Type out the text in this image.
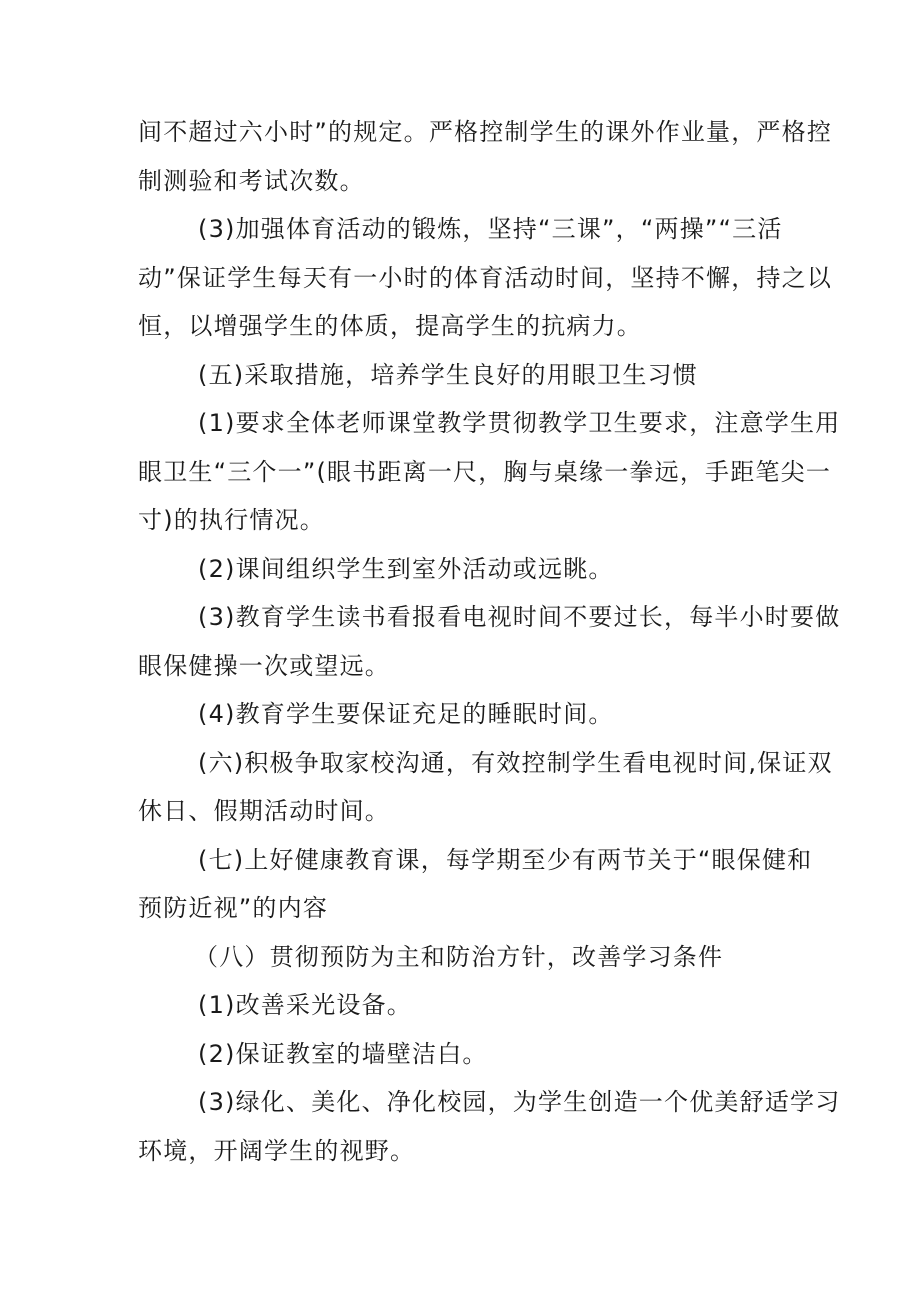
间不超过六小时”的规定。严格控制学生的课外作业量，严格控

制测验和考试次数。

(3)加强体育活动的锻炼，坚持“三课”，“两操”“三活

动”保证学生每天有一小时的体育活动时间，坚持不懈，持之以

恒，以增强学生的体质，提高学生的抗病力。

(五)采取措施，培养学生良好的用眼卫生习惯

(1)要求全体老师课堂教学贯彻教学卫生要求，注意学生用

眼卫生“三个一”(眼书距离一尺，胸与桌缘一拳远，手距笔尖一

寸)的执行情况。

(2)课间组织学生到室外活动或远眺。

(3)教育学生读书看报看电视时间不要过长，每半小时要做

眼保健操一次或望远。

(4)教育学生要保证充足的睡眠时间。

(六)积极争取家校沟通，有效控制学生看电视时间,保证双

休日、假期活动时间。

(七)上好健康教育课，每学期至少有两节关于“眼保健和

预防近视”的内容

（八）贯彻预防为主和防治方针，改善学习条件

(1)改善采光设备。

(2)保证教室的墙壁洁白。

(3)绿化、美化、净化校园，为学生创造一个优美舒适学习

环境，开阔学生的视野。
